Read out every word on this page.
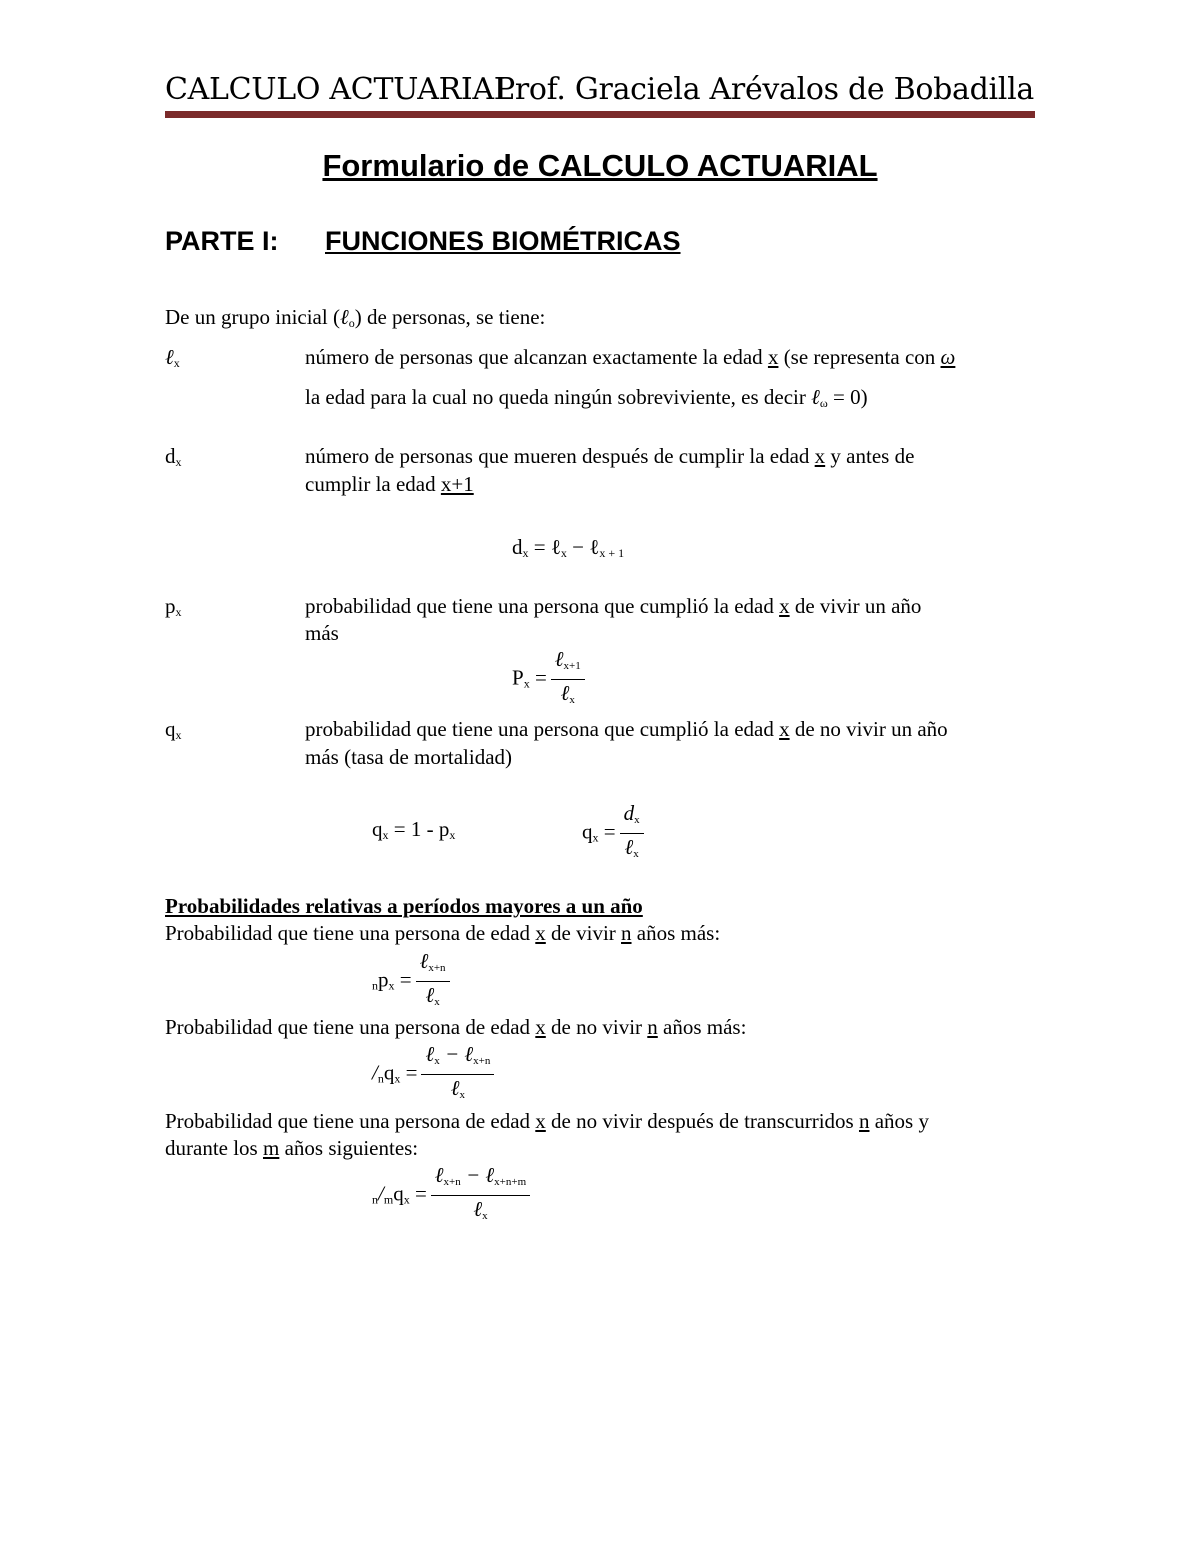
CALCULO ACTUARIAL
Prof. Graciela Arévalos de Bobadilla
Formulario de CALCULO ACTUARIAL
PARTE I: FUNCIONES BIOMÉTRICAS
De un grupo inicial (ℓ$_o$) de personas, se tiene:
ℓ$_x$	número de personas que alcanzan exactamente la edad x (se representa con ω
la edad para la cual no queda ningún sobreviviente, es decir ℓ$_\omega$ = 0)
$d_x$	número de personas que mueren después de cumplir la edad x y antes de
cumplir la edad x+1
$d_x$ = ℓ$_x$ − ℓ$_{x + 1}$
$p_x$	probabilidad que tiene una persona que cumplió la edad x de vivir un año
más
$P_x = \frac{\ell_{x+1}}{\ell_x}$
$q_x$	probabilidad que tiene una persona que cumplió la edad x de no vivir un año
más (tasa de mortalidad)
$q_x = 1 - p_x$	$q_x = \frac{d_x}{\ell_x}$
Probabilidades relativas a períodos mayores a un año
Probabilidad que tiene una persona de edad x de vivir n años más:
$_np_x = \frac{\ell_{x+n}}{\ell_x}$
Probabilidad que tiene una persona de edad x de no vivir n años más:
$/_nq_x = \frac{\ell_x - \ell_{x+n}}{\ell_x}$
Probabilidad que tiene una persona de edad x de no vivir después de transcurridos n años y
durante los m años siguientes:
$_n/_mq_x = \frac{\ell_{x+n} - \ell_{x+n+m}}{\ell_x}$
